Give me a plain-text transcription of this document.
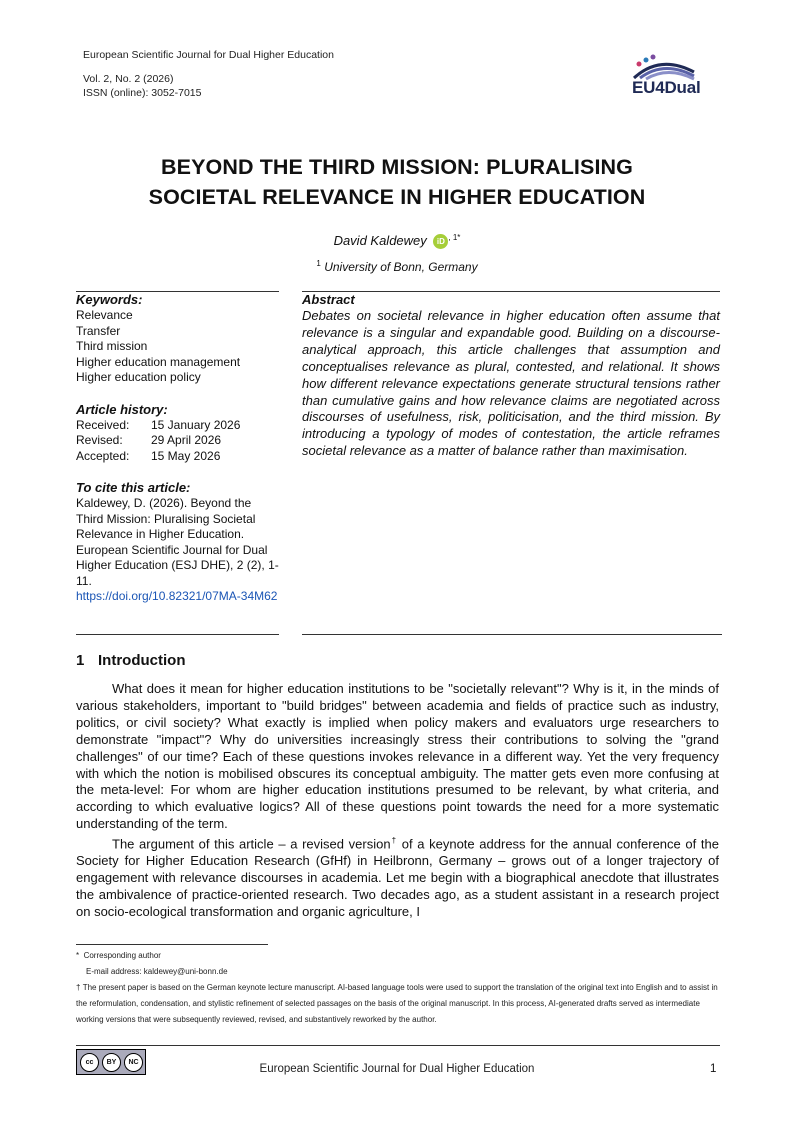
European Scientific Journal for Dual Higher Education
Vol. 2, No. 2 (2026)
ISSN (online): 3052-7015	EU4Dual
BEYOND THE THIRD MISSION: PLURALISING
SOCIETAL RELEVANCE IN HIGHER EDUCATION
David Kaldewey iD $^{, 1*}$
$^1$ University of Bonn, Germany
Keywords:
Relevance
Transfer
Third mission
Higher education management
Higher education policy
Article history:
Received:	15 January 2026
Revised:	29 April 2026
Accepted:	15 May 2026
To cite this article:
Kaldewey, D. (2026). Beyond the Third Mission: Pluralising Societal Relevance in Higher Education. European Scientific Journal for Dual Higher Education (ESJ DHE), 2 (2), 1-11.
https://doi.org/10.82321/07MA-34M62
Abstract
Debates on societal relevance in higher education often assume that relevance is a singular and expandable good. Building on a discourse-analytical approach, this article challenges that assumption and conceptualises relevance as plural, contested, and relational. It shows how different relevance expectations generate structural tensions rather than cumulative gains and how relevance claims are negotiated across discourses of usefulness, risk, politicisation, and the third mission. By introducing a typology of modes of contestation, the article reframes societal relevance as a matter of balance rather than maximisation.
1 Introduction

What does it mean for higher education institutions to be "societally relevant"? Why is it, in the minds of various stakeholders, important to "build bridges" between academia and fields of practice such as industry, politics, or civil society? What exactly is implied when policy makers and evaluators urge researchers to demonstrate "impact"? Why do universities increasingly stress their contributions to solving the "grand challenges" of our time? Each of these questions invokes relevance in a different way. Yet the very frequency with which the notion is mobilised obscures its conceptual ambiguity. The matter gets even more confusing at the meta-level: For whom are higher education institutions presumed to be relevant, by what criteria, and according to which evaluative logics? All of these questions point towards the need for a more systematic understanding of the term.

The argument of this article – a revised version† of a keynote address for the annual conference of the Society for Higher Education Research (GfHf) in Heilbronn, Germany – grows out of a longer trajectory of engagement with relevance discourses in academia. Let me begin with a biographical anecdote that illustrates the ambivalence of practice-oriented research. Two decades ago, as a student assistant in a research project on socio-ecological transformation and organic agriculture, I

* Corresponding author
E-mail address: kaldewey@uni-bonn.de
† The present paper is based on the German keynote lecture manuscript. AI-based language tools were used to support the translation of the original text into English and to assist in the reformulation, condensation, and stylistic refinement of selected passages on the basis of the original manuscript. In this process, AI-generated drafts served as intermediate working versions that were subsequently reviewed, revised, and substantively reworked by the author.
cc	BY	NC
European Scientific Journal for Dual Higher Education	1
